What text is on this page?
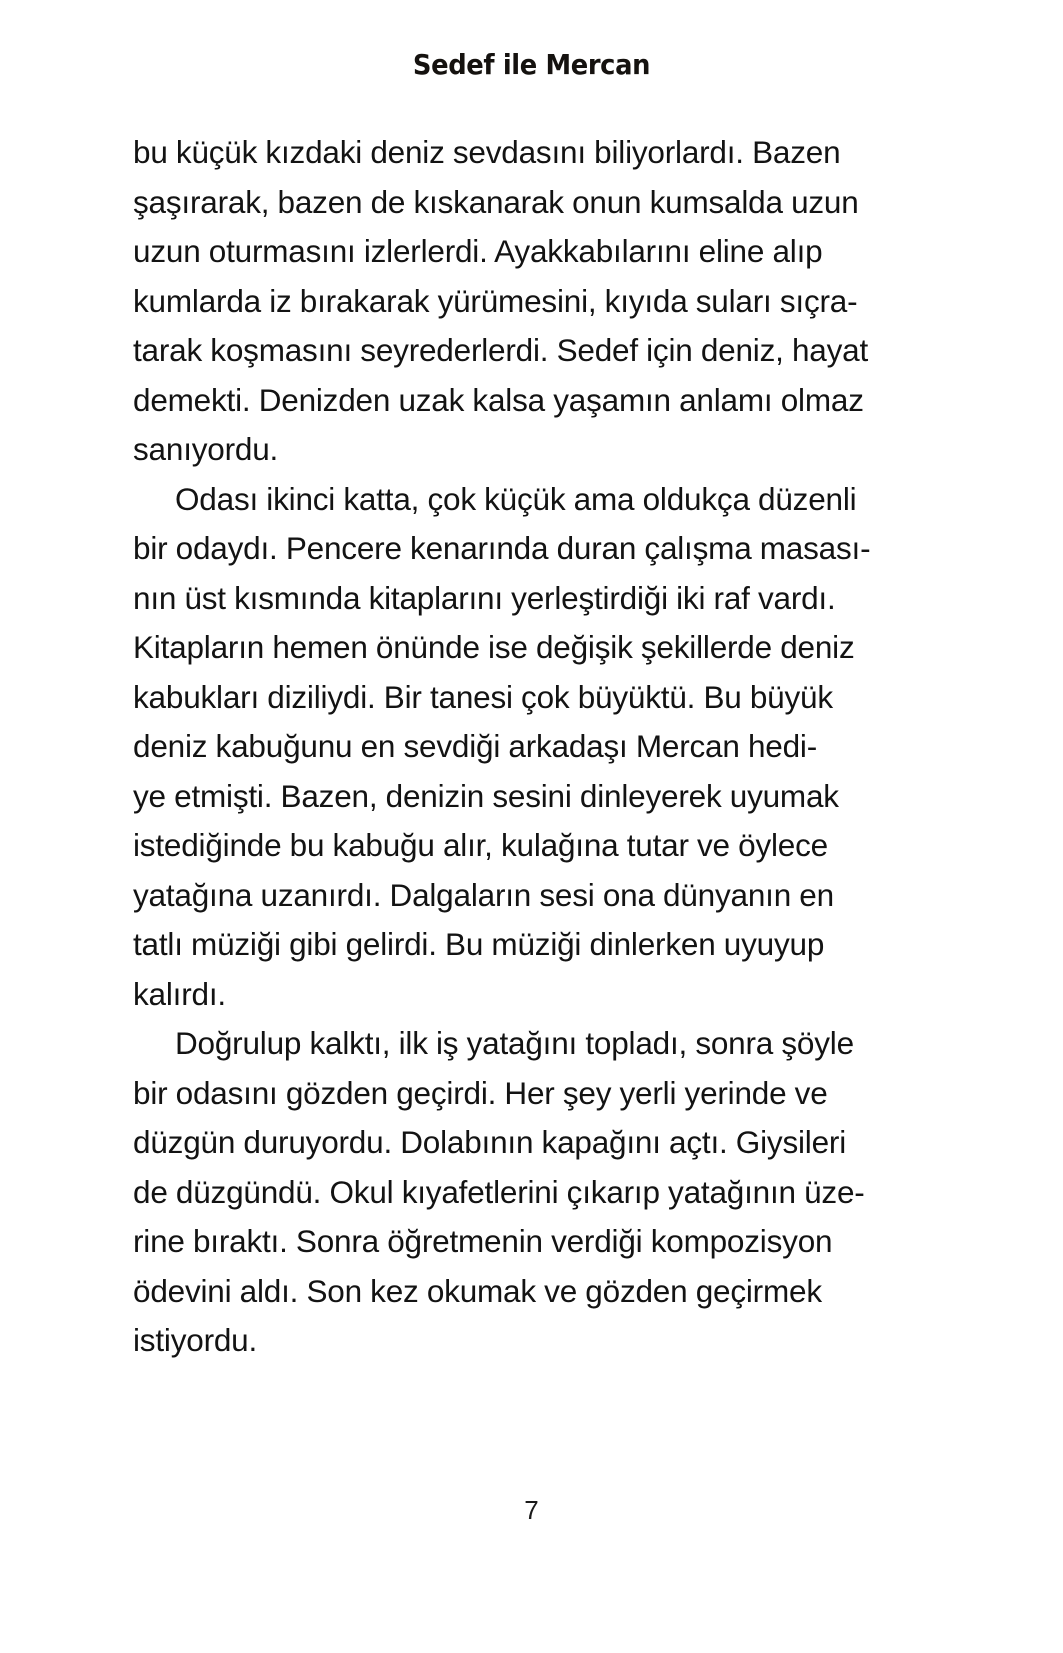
Sedef ile Mercan

bu küçük kızdaki deniz sevdasını biliyorlardı. Bazen
şaşırarak, bazen de kıskanarak onun kumsalda uzun
uzun oturmasını izlerlerdi. Ayakkabılarını eline alıp
kumlarda iz bırakarak yürümesini, kıyıda suları sıçra-
tarak koşmasını seyrederlerdi. Sedef için deniz, hayat
demekti. Denizden uzak kalsa yaşamın anlamı olmaz
sanıyordu.

Odası ikinci katta, çok küçük ama oldukça düzenli
bir odaydı. Pencere kenarında duran çalışma masası-
nın üst kısmında kitaplarını yerleştirdiği iki raf vardı.
Kitapların hemen önünde ise değişik şekillerde deniz
kabukları diziliydi. Bir tanesi çok büyüktü. Bu büyük
deniz kabuğunu en sevdiği arkadaşı Mercan hedi-
ye etmişti. Bazen, denizin sesini dinleyerek uyumak
istediğinde bu kabuğu alır, kulağına tutar ve öylece
yatağına uzanırdı. Dalgaların sesi ona dünyanın en
tatlı müziği gibi gelirdi. Bu müziği dinlerken uyuyup
kalırdı.

Doğrulup kalktı, ilk iş yatağını topladı, sonra şöyle
bir odasını gözden geçirdi. Her şey yerli yerinde ve
düzgün duruyordu. Dolabının kapağını açtı. Giysileri
de düzgündü. Okul kıyafetlerini çıkarıp yatağının üze-
rine bıraktı. Sonra öğretmenin verdiği kompozisyon
ödevini aldı. Son kez okumak ve gözden geçirmek
istiyordu.

7
